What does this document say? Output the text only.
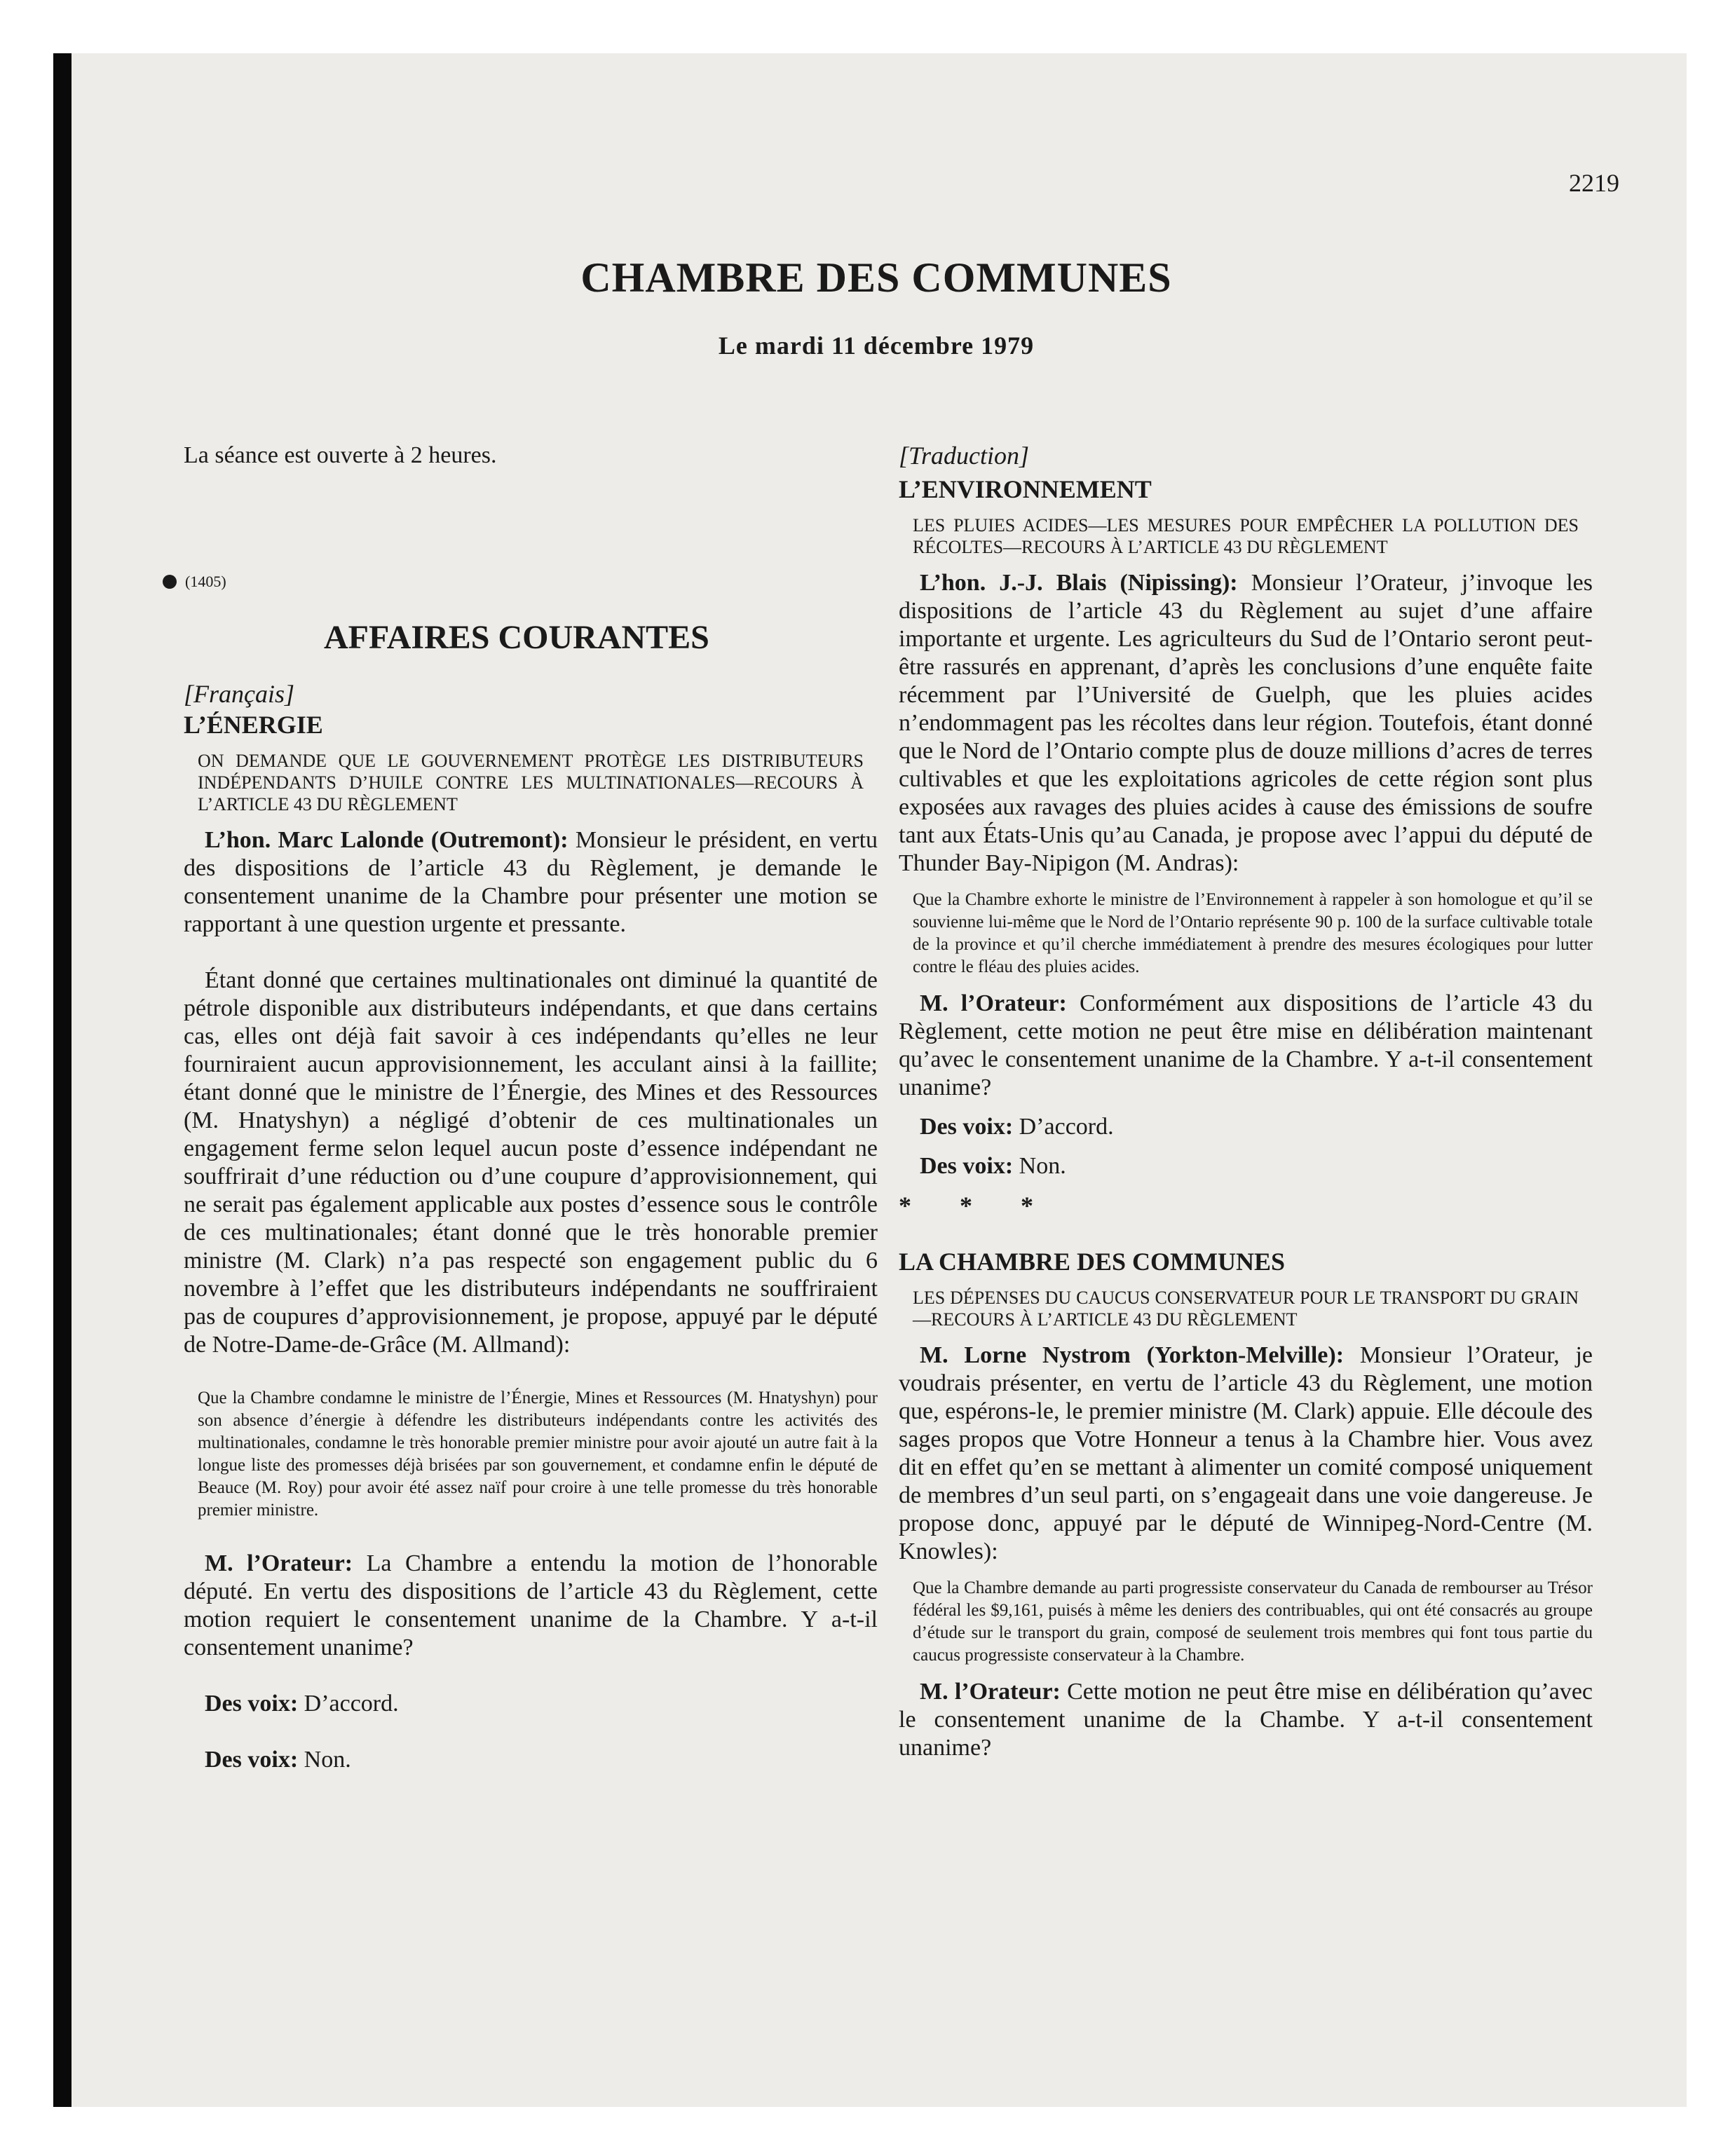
2219
CHAMBRE DES COMMUNES
Le mardi 11 décembre 1979

La séance est ouverte à 2 heures.

(1405)

AFFAIRES COURANTES

[Français]

L’ÉNERGIE

ON DEMANDE QUE LE GOUVERNEMENT PROTÈGE LES DISTRIBUTEURS INDÉPENDANTS D’HUILE CONTRE LES MULTINATIONALES—RECOURS À L’ARTICLE 43 DU RÈGLEMENT

L’hon. Marc Lalonde (Outremont): Monsieur le président, en vertu des dispositions de l’article 43 du Règlement, je demande le consentement unanime de la Chambre pour présenter une motion se rapportant à une question urgente et pressante.

Étant donné que certaines multinationales ont diminué la quantité de pétrole disponible aux distributeurs indépendants, et que dans certains cas, elles ont déjà fait savoir à ces indépendants qu’elles ne leur fourniraient aucun approvisionnement, les acculant ainsi à la faillite; étant donné que le ministre de l’Énergie, des Mines et des Ressources (M. Hnatyshyn) a négligé d’obtenir de ces multinationales un engagement ferme selon lequel aucun poste d’essence indépendant ne souffrirait d’une réduction ou d’une coupure d’approvisionnement, qui ne serait pas également applicable aux postes d’essence sous le contrôle de ces multinationales; étant donné que le très honorable premier ministre (M. Clark) n’a pas respecté son engagement public du 6 novembre à l’effet que les distributeurs indépendants ne souffriraient pas de coupures d’approvisionnement, je propose, appuyé par le député de Notre-Dame-de-Grâce (M. Allmand):

Que la Chambre condamne le ministre de l’Énergie, Mines et Ressources (M. Hnatyshyn) pour son absence d’énergie à défendre les distributeurs indépendants contre les activités des multinationales, condamne le très honorable premier ministre pour avoir ajouté un autre fait à la longue liste des promesses déjà brisées par son gouvernement, et condamne enfin le député de Beauce (M. Roy) pour avoir été assez naïf pour croire à une telle promesse du très honorable premier ministre.

M. l’Orateur: La Chambre a entendu la motion de l’honorable député. En vertu des dispositions de l’article 43 du Règlement, cette motion requiert le consentement unanime de la Chambre. Y a-t-il consentement unanime?

Des voix: D’accord.

Des voix: Non.

[Traduction]

L’ENVIRONNEMENT

LES PLUIES ACIDES—LES MESURES POUR EMPÊCHER LA POLLUTION DES RÉCOLTES—RECOURS À L’ARTICLE 43 DU RÈGLEMENT

L’hon. J.-J. Blais (Nipissing): Monsieur l’Orateur, j’invoque les dispositions de l’article 43 du Règlement au sujet d’une affaire importante et urgente. Les agriculteurs du Sud de l’Ontario seront peut-être rassurés en apprenant, d’après les conclusions d’une enquête faite récemment par l’Université de Guelph, que les pluies acides n’endommagent pas les récoltes dans leur région. Toutefois, étant donné que le Nord de l’Ontario compte plus de douze millions d’acres de terres cultivables et que les exploitations agricoles de cette région sont plus exposées aux ravages des pluies acides à cause des émissions de soufre tant aux États-Unis qu’au Canada, je propose avec l’appui du député de Thunder Bay-Nipigon (M. Andras):

Que la Chambre exhorte le ministre de l’Environnement à rappeler à son homologue et qu’il se souvienne lui-même que le Nord de l’Ontario représente 90 p. 100 de la surface cultivable totale de la province et qu’il cherche immédiatement à prendre des mesures écologiques pour lutter contre le fléau des pluies acides.

M. l’Orateur: Conformément aux dispositions de l’article 43 du Règlement, cette motion ne peut être mise en délibération maintenant qu’avec le consentement unanime de la Chambre. Y a-t-il consentement unanime?

Des voix: D’accord.

Des voix: Non.

* * *

LA CHAMBRE DES COMMUNES

LES DÉPENSES DU CAUCUS CONSERVATEUR POUR LE TRANSPORT DU GRAIN—RECOURS À L’ARTICLE 43 DU RÈGLEMENT

M. Lorne Nystrom (Yorkton-Melville): Monsieur l’Orateur, je voudrais présenter, en vertu de l’article 43 du Règlement, une motion que, espérons-le, le premier ministre (M. Clark) appuie. Elle découle des sages propos que Votre Honneur a tenus à la Chambre hier. Vous avez dit en effet qu’en se mettant à alimenter un comité composé uniquement de membres d’un seul parti, on s’engageait dans une voie dangereuse. Je propose donc, appuyé par le député de Winnipeg-Nord-Centre (M. Knowles):

Que la Chambre demande au parti progressiste conservateur du Canada de rembourser au Trésor fédéral les $9,161, puisés à même les deniers des contribuables, qui ont été consacrés au groupe d’étude sur le transport du grain, composé de seulement trois membres qui font tous partie du caucus progressiste conservateur à la Chambre.

M. l’Orateur: Cette motion ne peut être mise en délibération qu’avec le consentement unanime de la Chambe. Y a-t-il consentement unanime?
